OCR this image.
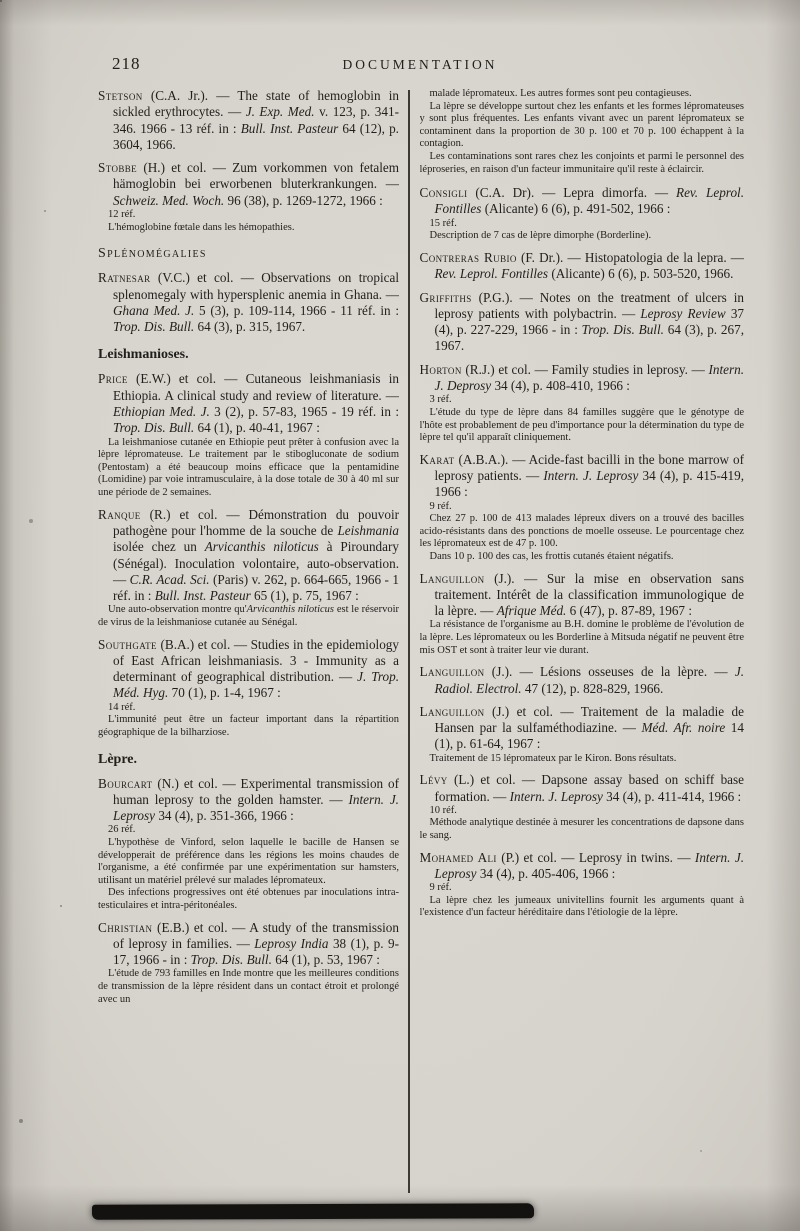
218	DOCUMENTATION

Stetson (C.A. Jr.). — The state of hemoglobin in sickled erythrocytes. — J. Exp. Med. v. 123, p. 341-346. 1966 - 13 réf. in : Bull. Inst. Pasteur 64 (12), p. 3604, 1966.

Stobbe (H.) et col. — Zum vorkommen von fetalem hämoglobin bei erworbenen bluterkrankungen. — Schweiz. Med. Woch. 96 (38), p. 1269-1272, 1966 :

12 réf.

L'hémoglobine fœtale dans les hémopathies.

Splénomégalies

Ratnesar (V.C.) et col. — Observations on tropical splenomegaly with hypersplenic anemia in Ghana. — Ghana Med. J. 5 (3), p. 109-114, 1966 - 11 réf. in : Trop. Dis. Bull. 64 (3), p. 315, 1967.

Leishmanioses.

Price (E.W.) et col. — Cutaneous leishmaniasis in Ethiopia. A clinical study and review of literature. — Ethiopian Med. J. 3 (2), p. 57-83, 1965 - 19 réf. in : Trop. Dis. Bull. 64 (1), p. 40-41, 1967 :

La leishmaniose cutanée en Ethiopie peut prêter à confusion avec la lèpre lépromateuse. Le traitement par le stibogluconate de sodium (Pentostam) a été beaucoup moins efficace que la pentamidine (Lomidine) par voie intramusculaire, à la dose totale de 30 à 40 ml sur une période de 2 semaines.

Ranque (R.) et col. — Démonstration du pouvoir pathogène pour l'homme de la souche de Leishmania isolée chez un Arvicanthis niloticus à Piroundary (Sénégal). Inoculation volontaire, auto-observation. — C.R. Acad. Sci. (Paris) v. 262, p. 664-665, 1966 - 1 réf. in : Bull. Inst. Pasteur 65 (1), p. 75, 1967 :

Une auto-observation montre qu'Arvicanthis niloticus est le réservoir de virus de la leishmaniose cutanée au Sénégal.

Southgate (B.A.) et col. — Studies in the epidemiology of East African leishmaniasis. 3 - Immunity as a determinant of geographical distribution. — J. Trop. Méd. Hyg. 70 (1), p. 1-4, 1967 :

14 réf.

L'immunité peut être un facteur important dans la répartition géographique de la bilharziose.

Lèpre.

Bourcart (N.) et col. — Experimental transmission of human leprosy to the golden hamster. — Intern. J. Leprosy 34 (4), p. 351-366, 1966 :

26 réf.

L'hypothèse de Vinford, selon laquelle le bacille de Hansen se développerait de préférence dans les régions les moins chaudes de l'organisme, a été confirmée par une expérimentation sur hamsters, utilisant un matériel prélevé sur malades lépromateux.

Des infections progressives ont été obtenues par inoculations intra-testiculaires et intra-péritonéales.

Christian (E.B.) et col. — A study of the transmission of leprosy in families. — Leprosy India 38 (1), p. 9-17, 1966 - in : Trop. Dis. Bull. 64 (1), p. 53, 1967 :

L'étude de 793 familles en Inde montre que les meilleures conditions de transmission de la lèpre résident dans un contact étroit et prolongé avec un

malade lépromateux. Les autres formes sont peu contagieuses.

La lèpre se développe surtout chez les enfants et les formes lépromateuses y sont plus fréquentes. Les enfants vivant avec un parent lépromateux se contaminent dans la proportion de 30 p. 100 et 70 p. 100 échappent à la contagion.

Les contaminations sont rares chez les conjoints et parmi le personnel des léproseries, en raison d'un facteur immunitaire qu'il reste à éclaircir.

Consigli (C.A. Dr). — Lepra dimorfa. — Rev. Leprol. Fontilles (Alicante) 6 (6), p. 491-502, 1966 :

15 réf.

Description de 7 cas de lèpre dimorphe (Borderline).

Contreras Rubio (F. Dr.). — Histopatologia de la lepra. — Rev. Leprol. Fontilles (Alicante) 6 (6), p. 503-520, 1966.

Griffiths (P.G.). — Notes on the treatment of ulcers in leprosy patients with polybactrin. — Leprosy Review 37 (4), p. 227-229, 1966 - in : Trop. Dis. Bull. 64 (3), p. 267, 1967.

Horton (R.J.) et col. — Family studies in leprosy. — Intern. J. Deprosy 34 (4), p. 408-410, 1966 :

3 réf.

L'étude du type de lèpre dans 84 familles suggère que le génotype de l'hôte est probablement de peu d'importance pour la détermination du type de lèpre tel qu'il apparaît cliniquement.

Karat (A.B.A.). — Acide-fast bacilli in the bone marrow of leprosy patients. — Intern. J. Leprosy 34 (4), p. 415-419, 1966 :

9 réf.

Chez 27 p. 100 de 413 malades lépreux divers on a trouvé des bacilles acido-résistants dans des ponctions de moelle osseuse. Le pourcentage chez les lépromateux est de 47 p. 100.

Dans 10 p. 100 des cas, les frottis cutanés étaient négatifs.

Languillon (J.). — Sur la mise en observation sans traitement. Intérêt de la classification immunologique de la lèpre. — Afrique Méd. 6 (47), p. 87-89, 1967 :

La résistance de l'organisme au B.H. domine le problème de l'évolution de la lèpre. Les lépromateux ou les Borderline à Mitsuda négatif ne peuvent être mis OST et sont à traiter leur vie durant.

Languillon (J.). — Lésions osseuses de la lèpre. — J. Radiol. Electrol. 47 (12), p. 828-829, 1966.

Languillon (J.) et col. — Traitement de la maladie de Hansen par la sulfaméthodiazine. — Méd. Afr. noire 14 (1), p. 61-64, 1967 :

Traitement de 15 lépromateux par le Kiron. Bons résultats.

Lévy (L.) et col. — Dapsone assay based on schiff base formation. — Intern. J. Leprosy 34 (4), p. 411-414, 1966 :

10 réf.

Méthode analytique destinée à mesurer les concentrations de dapsone dans le sang.

Mohamed Ali (P.) et col. — Leprosy in twins. — Intern. J. Leprosy 34 (4), p. 405-406, 1966 :

9 réf.

La lèpre chez les jumeaux univitellins fournit les arguments quant à l'existence d'un facteur héréditaire dans l'étiologie de la lèpre.
